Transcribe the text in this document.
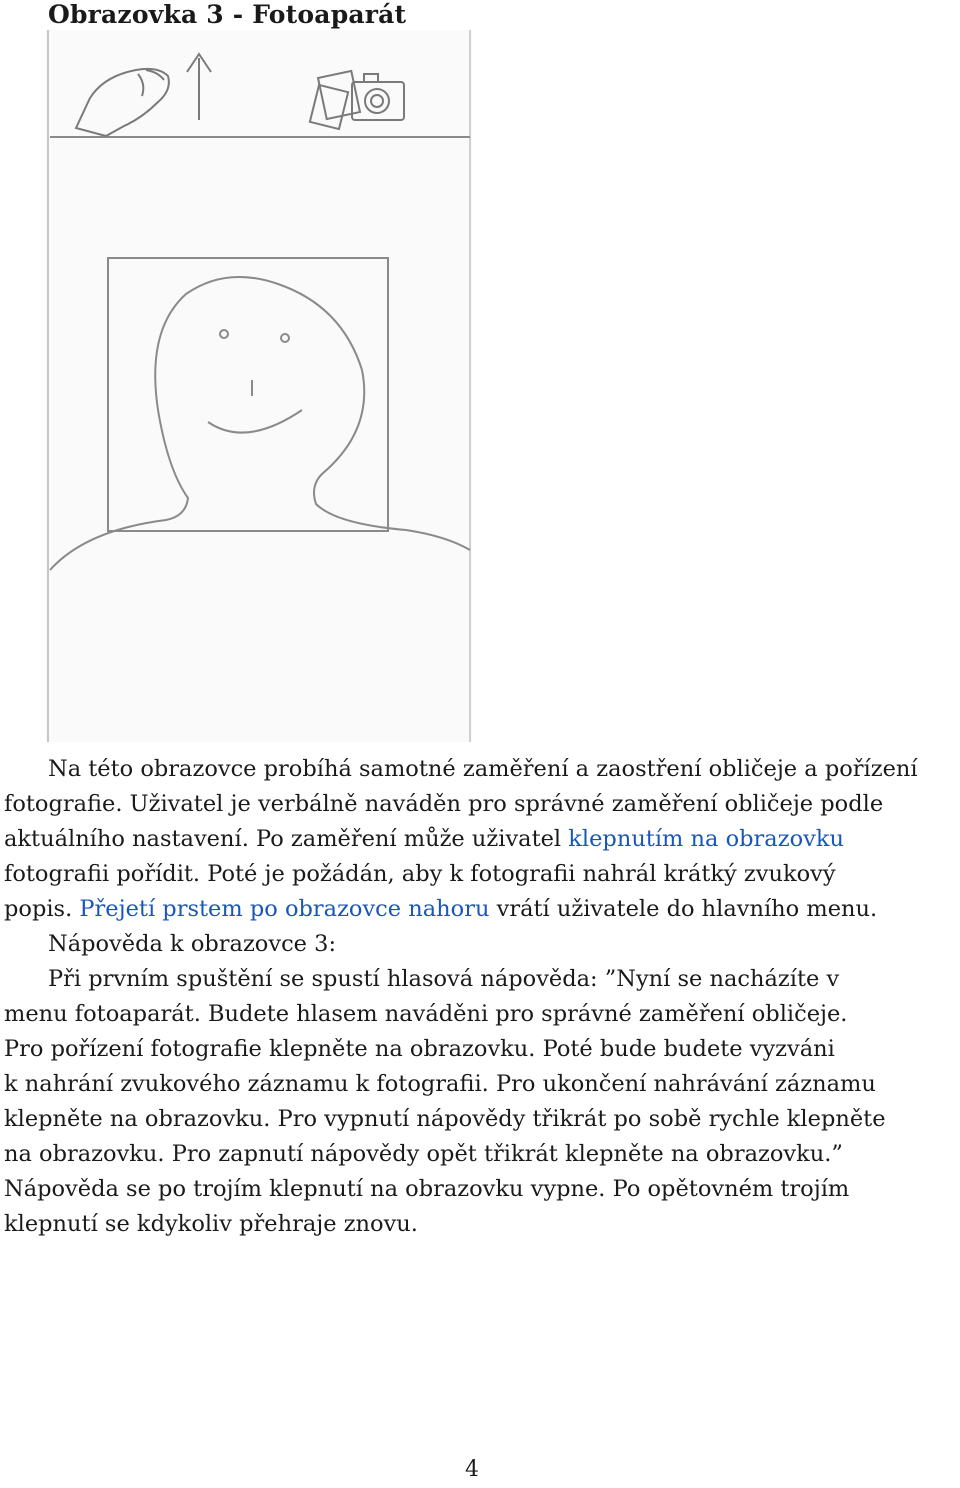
Obrazovka 3 - Fotoaparát
Na této obrazovce probíhá samotné zaměření a zaostření obličeje a pořízení
fotografie. Uživatel je verbálně naváděn pro správné zaměření obličeje podle
aktuálního nastavení. Po zaměření může uživatel klepnutím na obrazovku
fotografii pořídit. Poté je požádán, aby k fotografii nahrál krátký zvukový
popis. Přejetí prstem po obrazovce nahoru vrátí uživatele do hlavního menu.
Nápověda k obrazovce 3:
Při prvním spuštění se spustí hlasová nápověda: ”Nyní se nacházíte v
menu fotoaparát. Budete hlasem naváděni pro správné zaměření obličeje.
Pro pořízení fotografie klepněte na obrazovku. Poté bude budete vyzváni
k nahrání zvukového záznamu k fotografii. Pro ukončení nahrávání záznamu
klepněte na obrazovku. Pro vypnutí nápovědy třikrát po sobě rychle klepněte
na obrazovku. Pro zapnutí nápovědy opět třikrát klepněte na obrazovku.”
Nápověda se po trojím klepnutí na obrazovku vypne. Po opětovném trojím
klepnutí se kdykoliv přehraje znovu.
4
